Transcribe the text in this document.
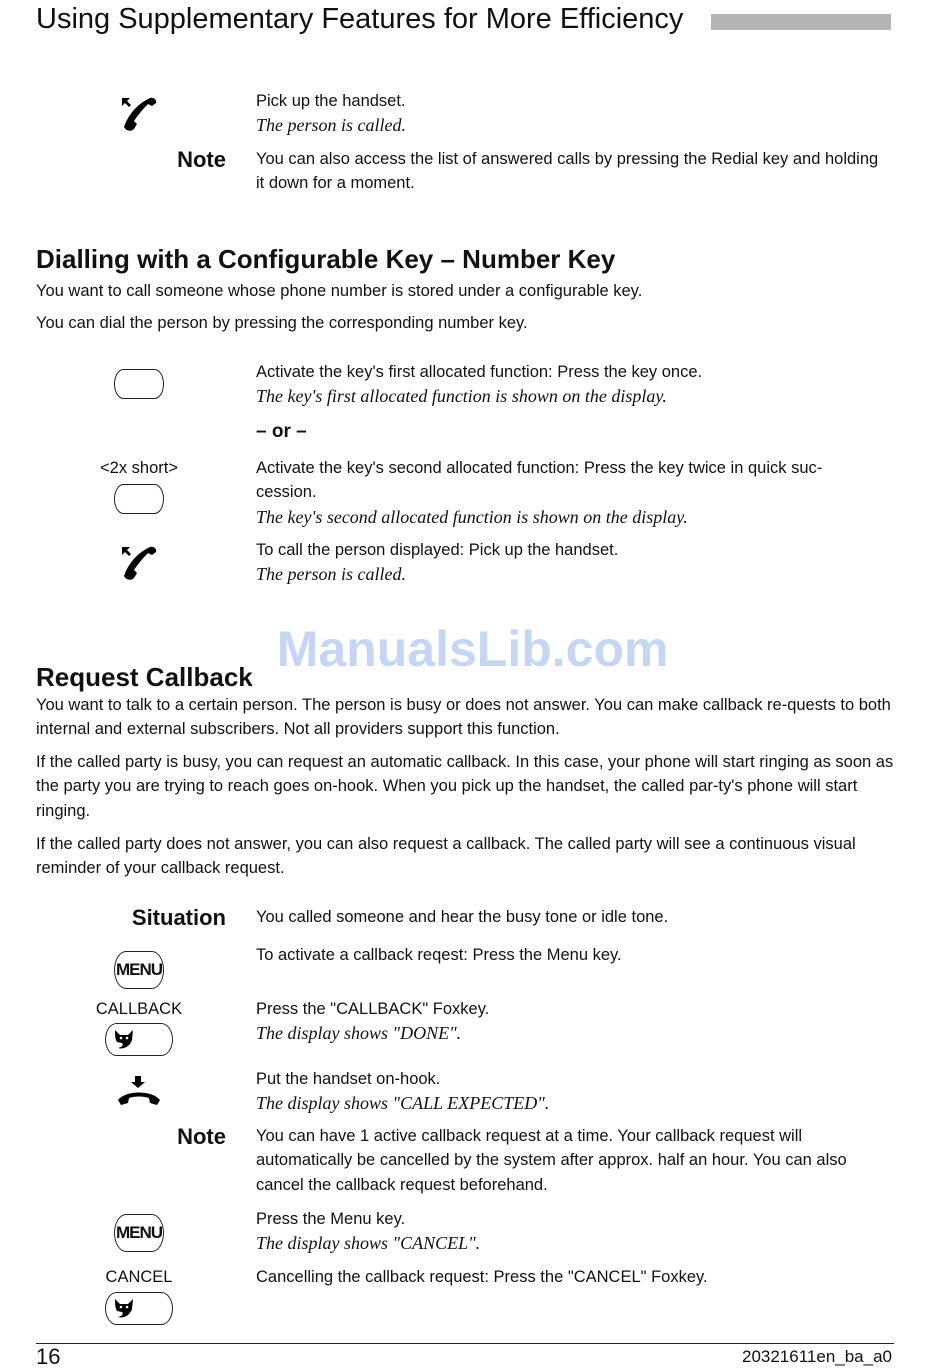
Using Supplementary Features for More Efficiency
Pick up the handset.
The person is called.
Note	You can also access the list of answered calls by pressing the Redial key and holding it down for a moment.
Dialling with a Configurable Key – Number Key
You want to call someone whose phone number is stored under a configurable key.
You can dial the person by pressing the corresponding number key.
Activate the key's first allocated function: Press the key once.
The key's first allocated function is shown on the display.
– or –
<2x short>	Activate the key's second allocated function: Press the key twice in quick suc-
cession.
The key's second allocated function is shown on the display.
To call the person displayed: Pick up the handset.
The person is called.
Request Callback ManualsLib.com
You want to talk to a certain person. The person is busy or does not answer. You can make callback re-quests to both internal and external subscribers. Not all providers support this function.
If the called party is busy, you can request an automatic callback. In this case, your phone will start ringing as soon as the party you are trying to reach goes on-hook. When you pick up the handset, the called par-ty's phone will start ringing.
If the called party does not answer, you can also request a callback. The called party will see a continuous visual reminder of your callback request.
Situation	You called someone and hear the busy tone or idle tone.
MENU
To activate a callback reqest: Press the Menu key.
CALLBACK	Press the "CALLBACK" Foxkey.
The display shows "DONE".
Put the handset on-hook.
The display shows "CALL EXPECTED".
Note	You can have 1 active callback request at a time. Your callback request will automatically be cancelled by the system after approx. half an hour. You can also cancel the callback request beforehand.
MENU
Press the Menu key.
The display shows "CANCEL".
CANCEL	Cancelling the callback request: Press the "CANCEL" Foxkey.
16	20321611en_ba_a0
